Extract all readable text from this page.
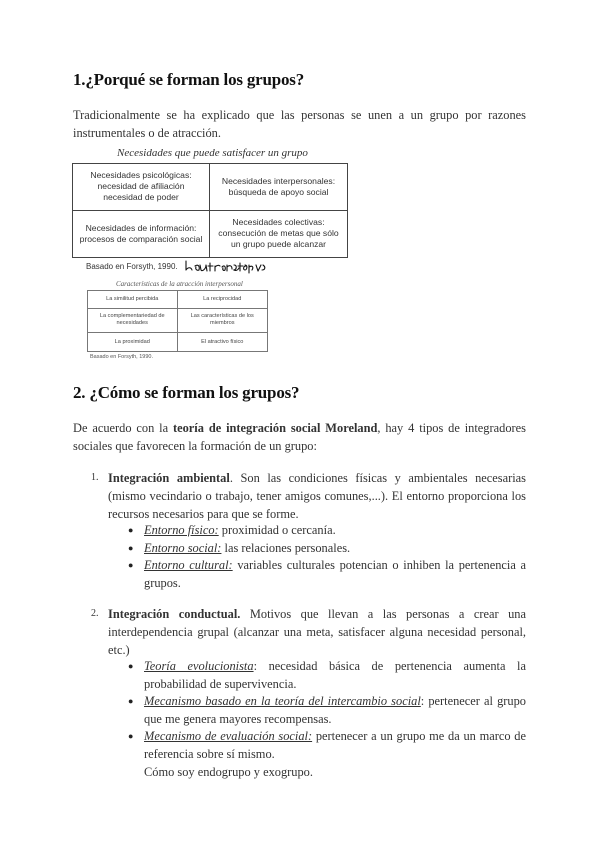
1.¿Porqué se forman los grupos?

Tradicionalmente se ha explicado que las personas se unen a un grupo por razones instrumentales o de atracción.

Necesidades que puede satisfacer un grupo
Necesidades psicológicas: necesidad de afiliación necesidad de poder
Necesidades interpersonales: búsqueda de apoyo social
Necesidades de información: procesos de comparación social
Necesidades colectivas: consecución de metas que sólo un grupo puede alcanzar
Basado en Forsyth, 1990.
Características de la atracción interpersonal
La similitud percibida	La reciprocidad
La complementariedad de necesidades
Las características de los miembros
La proximidad	El atractivo físico
Basado en Forsyth, 1990.
2. ¿Cómo se forman los grupos?

De acuerdo con la teoría de integración social Moreland, hay 4 tipos de integradores sociales que favorecen la formación de un grupo:

1. Integración ambiental. Son las condiciones físicas y ambientales necesarias (mismo vecindario o trabajo, tener amigos comunes,...). El entorno proporciona los recursos necesarios para que se forme.

● Entorno físico: proximidad o cercanía.

● Entorno social: las relaciones personales.

● Entorno cultural: variables culturales potencian o inhiben la pertenencia a grupos.

2. Integración conductual. Motivos que llevan a las personas a crear una interdependencia grupal (alcanzar una meta, satisfacer alguna necesidad personal, etc.)

● Teoría evolucionista: necesidad básica de pertenencia aumenta la probabilidad de supervivencia.

● Mecanismo basado en la teoría del intercambio social: pertenecer al grupo que me genera mayores recompensas.

● Mecanismo de evaluación social: pertenecer a un grupo me da un marco de referencia sobre sí mismo.

Cómo soy endogrupo y exogrupo.
